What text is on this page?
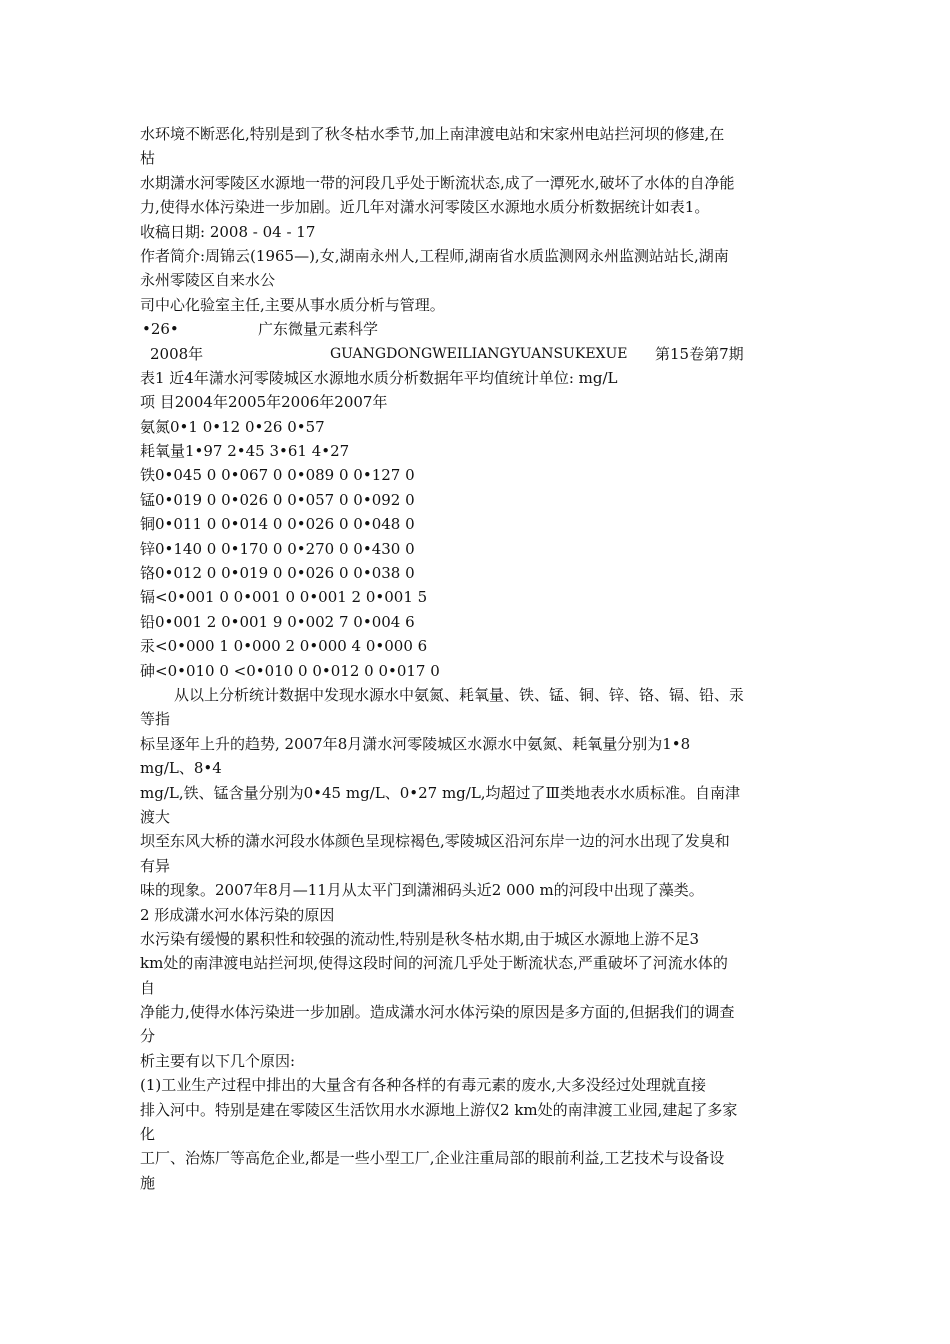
水环境不断恶化,特别是到了秋冬枯水季节,加上南津渡电站和宋家州电站拦河坝的修建,在
枯
水期潇水河零陵区水源地一带的河段几乎处于断流状态,成了一潭死水,破坏了水体的自净能
力,使得水体污染进一步加剧。近几年对潇水河零陵区水源地水质分析数据统计如表1。
收稿日期: 2008 - 04 - 17
作者简介:周锦云(1965—),女,湖南永州人,工程师,湖南省水质监测网永州监测站站长,湖南
永州零陵区自来水公
司中心化验室主任,主要从事水质分析与管理。
•26•	广东微量元素科学
2008年	GUANGDONGWEILIANGYUANSUKEXUE 第15卷第7期
表1 近4年潇水河零陵城区水源地水质分析数据年平均值统计单位: mg/L
项 目2004年2005年2006年2007年
氨氮0•1 0•12 0•26 0•57
耗氧量1•97 2•45 3•61 4•27
铁0•045 0 0•067 0 0•089 0 0•127 0
锰0•019 0 0•026 0 0•057 0 0•092 0
铜0•011 0 0•014 0 0•026 0 0•048 0
锌0•140 0 0•170 0 0•270 0 0•430 0
铬0•012 0 0•019 0 0•026 0 0•038 0
镉<0•001 0 0•001 0 0•001 2 0•001 5
铅0•001 2 0•001 9 0•002 7 0•004 6
汞<0•000 1 0•000 2 0•000 4 0•000 6
砷<0•010 0 <0•010 0 0•012 0 0•017 0
从以上分析统计数据中发现水源水中氨氮、耗氧量、铁、锰、铜、锌、铬、镉、铅、汞
等指
标呈逐年上升的趋势, 2007年8月潇水河零陵城区水源水中氨氮、耗氧量分别为1•8
mg/L、8•4
mg/L,铁、锰含量分别为0•45 mg/L、0•27 mg/L,均超过了Ⅲ类地表水水质标准。自南津
渡大
坝至东风大桥的潇水河段水体颜色呈现棕褐色,零陵城区沿河东岸一边的河水出现了发臭和
有异
味的现象。2007年8月—11月从太平门到潇湘码头近2 000 m的河段中出现了藻类。
2 形成潇水河水体污染的原因
水污染有缓慢的累积性和较强的流动性,特别是秋冬枯水期,由于城区水源地上游不足3
km处的南津渡电站拦河坝,使得这段时间的河流几乎处于断流状态,严重破坏了河流水体的
自
净能力,使得水体污染进一步加剧。造成潇水河水体污染的原因是多方面的,但据我们的调查
分
析主要有以下几个原因:
(1)工业生产过程中排出的大量含有各种各样的有毒元素的废水,大多没经过处理就直接
排入河中。特别是建在零陵区生活饮用水水源地上游仅2 km处的南津渡工业园,建起了多家
化
工厂、治炼厂等高危企业,都是一些小型工厂,企业注重局部的眼前利益,工艺技术与设备设
施
